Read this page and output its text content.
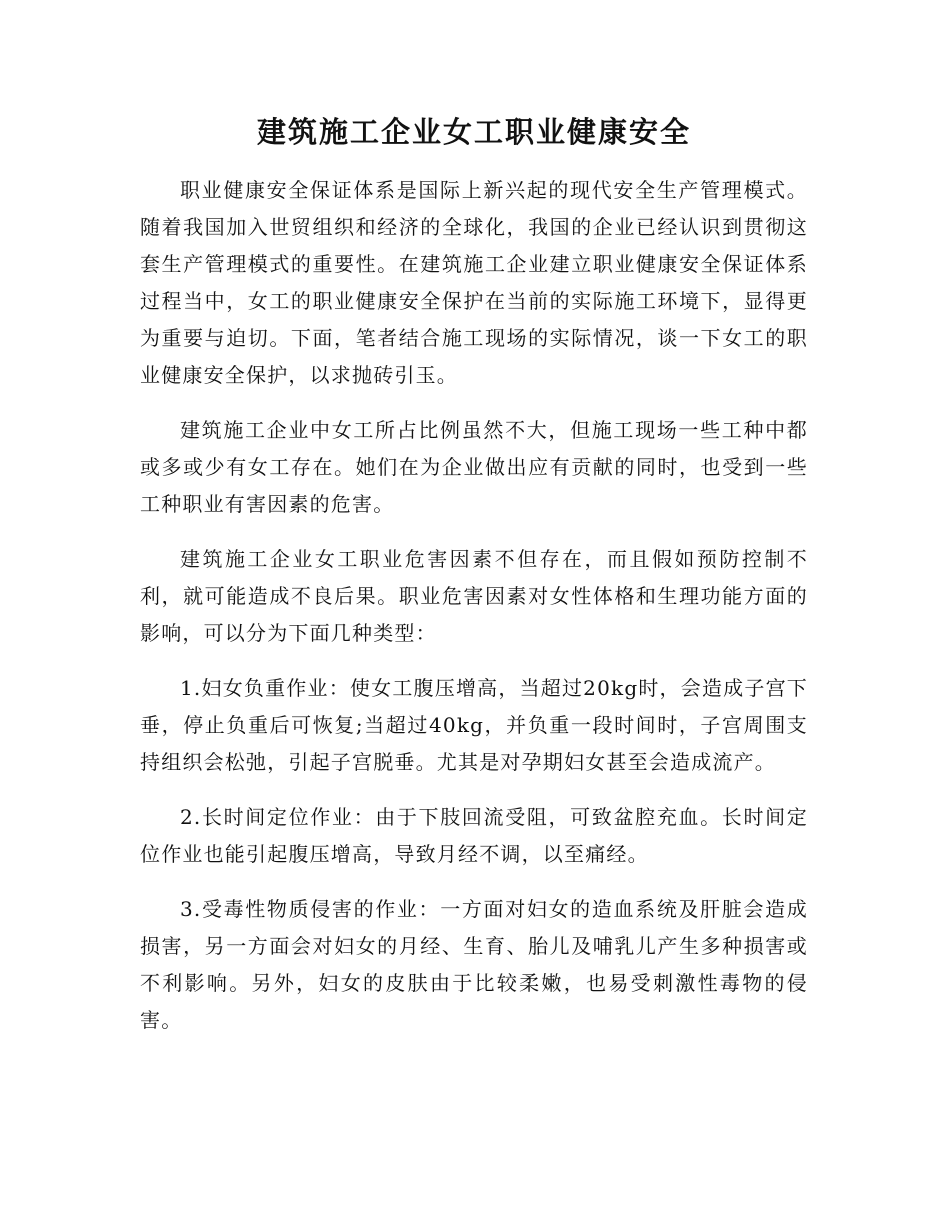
建筑施工企业女工职业健康安全

职业健康安全保证体系是国际上新兴起的现代安全生产管理模式。随着我国加入世贸组织和经济的全球化，我国的企业已经认识到贯彻这套生产管理模式的重要性。在建筑施工企业建立职业健康安全保证体系过程当中，女工的职业健康安全保护在当前的实际施工环境下，显得更为重要与迫切。下面，笔者结合施工现场的实际情况，谈一下女工的职业健康安全保护，以求抛砖引玉。

建筑施工企业中女工所占比例虽然不大，但施工现场一些工种中都或多或少有女工存在。她们在为企业做出应有贡献的同时，也受到一些工种职业有害因素的危害。

建筑施工企业女工职业危害因素不但存在，而且假如预防控制不利，就可能造成不良后果。职业危害因素对女性体格和生理功能方面的影响，可以分为下面几种类型：

1.妇女负重作业：使女工腹压增高，当超过20kg时，会造成子宫下垂，停止负重后可恢复;当超过40kg，并负重一段时间时，子宫周围支持组织会松弛，引起子宫脱垂。尤其是对孕期妇女甚至会造成流产。

2.长时间定位作业：由于下肢回流受阻，可致盆腔充血。长时间定位作业也能引起腹压增高，导致月经不调，以至痛经。

3.受毒性物质侵害的作业：一方面对妇女的造血系统及肝脏会造成损害，另一方面会对妇女的月经、生育、胎儿及哺乳儿产生多种损害或不利影响。另外，妇女的皮肤由于比较柔嫩，也易受刺激性毒物的侵害。
